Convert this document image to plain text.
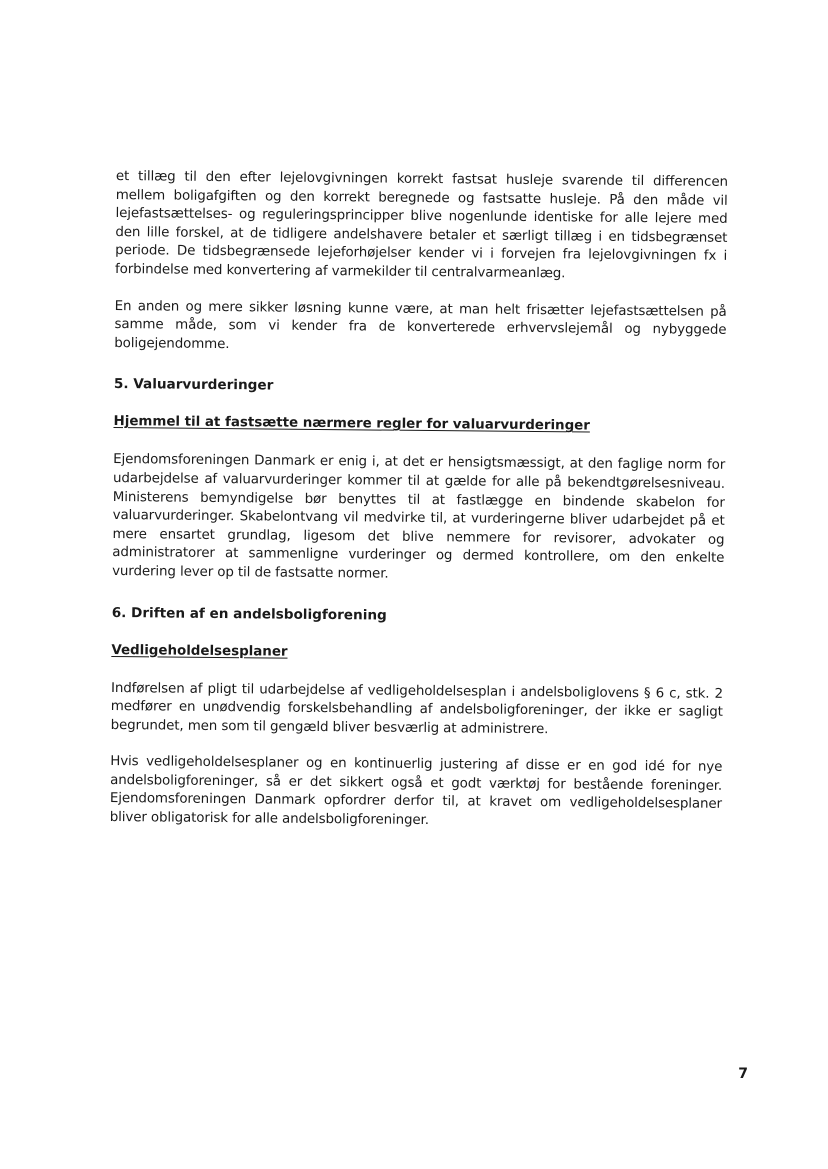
et tillæg til den efter lejelovgivningen korrekt fastsat husleje svarende til differencen mellem boligafgiften og den korrekt beregnede og fastsatte husleje. På den måde vil lejefastsættelses- og reguleringsprincipper blive nogenlunde identiske for alle lejere med den lille forskel, at de tidligere andelshavere betaler et særligt tillæg i en tidsbegrænset periode. De tidsbegrænsede lejeforhøjelser kender vi i forvejen fra lejelovgivningen fx i forbindelse med konvertering af varmekilder til centralvarmeanlæg.

En anden og mere sikker løsning kunne være, at man helt frisætter lejefastsættelsen på samme måde, som vi kender fra de konverterede erhvervslejemål og nybyggede boligejendomme.

5. Valuarvurderinger
Hjemmel til at fastsætte nærmere regler for valuarvurderinger

Ejendomsforeningen Danmark er enig i, at det er hensigtsmæssigt, at den faglige norm for udarbejdelse af valuarvurderinger kommer til at gælde for alle på bekendtgørelsesniveau. Ministerens bemyndigelse bør benyttes til at fastlægge en bindende skabelon for valuarvurderinger. Skabelontvang vil medvirke til, at vurderingerne bliver udarbejdet på et mere ensartet grundlag, ligesom det blive nemmere for revisorer, advokater og administratorer at sammenligne vurderinger og dermed kontrollere, om den enkelte vurdering lever op til de fastsatte normer.

6. Driften af en andelsboligforening
Vedligeholdelsesplaner

Indførelsen af pligt til udarbejdelse af vedligeholdelsesplan i andelsboliglovens § 6 c, stk. 2 medfører en unødvendig forskelsbehandling af andelsboligforeninger, der ikke er sagligt begrundet, men som til gengæld bliver besværlig at administrere.

Hvis vedligeholdelsesplaner og en kontinuerlig justering af disse er en god idé for nye andelsboligforeninger, så er det sikkert også et godt værktøj for bestående foreninger. Ejendomsforeningen Danmark opfordrer derfor til, at kravet om vedligeholdelsesplaner bliver obligatorisk for alle andelsboligforeninger.

7
